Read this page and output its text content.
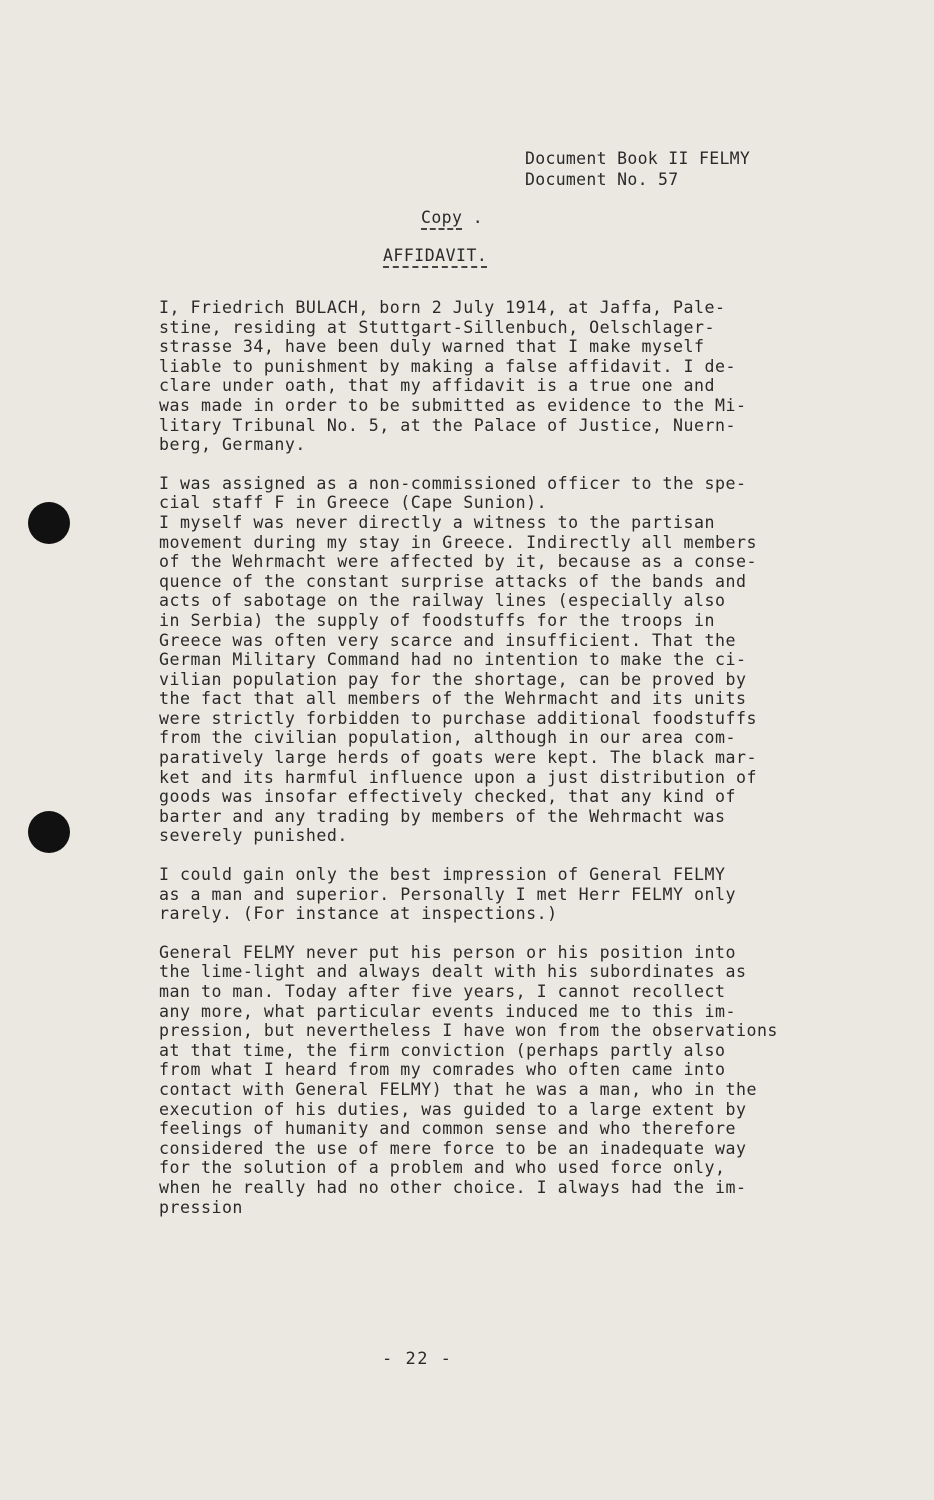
Document Book II FELMY
Document No. 57
Copy .
AFFIDAVIT.
I, Friedrich BULACH, born 2 July 1914, at Jaffa, Pale-
stine, residing at Stuttgart-Sillenbuch, Oelschlager-
strasse 34, have been duly warned that I make myself
liable to punishment by making a false affidavit. I de-
clare under oath, that my affidavit is a true one and
was made in order to be submitted as evidence to the Mi-
litary Tribunal No. 5, at the Palace of Justice, Nuern-
berg, Germany.
I was assigned as a non-commissioned officer to the spe-
cial staff F in Greece (Cape Sunion).
I myself was never directly a witness to the partisan
movement during my stay in Greece. Indirectly all members
of the Wehrmacht were affected by it, because as a conse-
quence of the constant surprise attacks of the bands and
acts of sabotage on the railway lines (especially also
in Serbia) the supply of foodstuffs for the troops in
Greece was often very scarce and insufficient. That the
German Military Command had no intention to make the ci-
vilian population pay for the shortage, can be proved by
the fact that all members of the Wehrmacht and its units
were strictly forbidden to purchase additional foodstuffs
from the civilian population, although in our area com-
paratively large herds of goats were kept. The black mar-
ket and its harmful influence upon a just distribution of
goods was insofar effectively checked, that any kind of
barter and any trading by members of the Wehrmacht was
severely punished.
I could gain only the best impression of General FELMY
as a man and superior. Personally I met Herr FELMY only
rarely. (For instance at inspections.)
General FELMY never put his person or his position into
the lime-light and always dealt with his subordinates as
man to man. Today after five years, I cannot recollect
any more, what particular events induced me to this im-
pression, but nevertheless I have won from the observations
at that time, the firm conviction (perhaps partly also
from what I heard from my comrades who often came into
contact with General FELMY) that he was a man, who in the
execution of his duties, was guided to a large extent by
feelings of humanity and common sense and who therefore
considered the use of mere force to be an inadequate way
for the solution of a problem and who used force only,
when he really had no other choice. I always had the im-
pression
- 22 -
